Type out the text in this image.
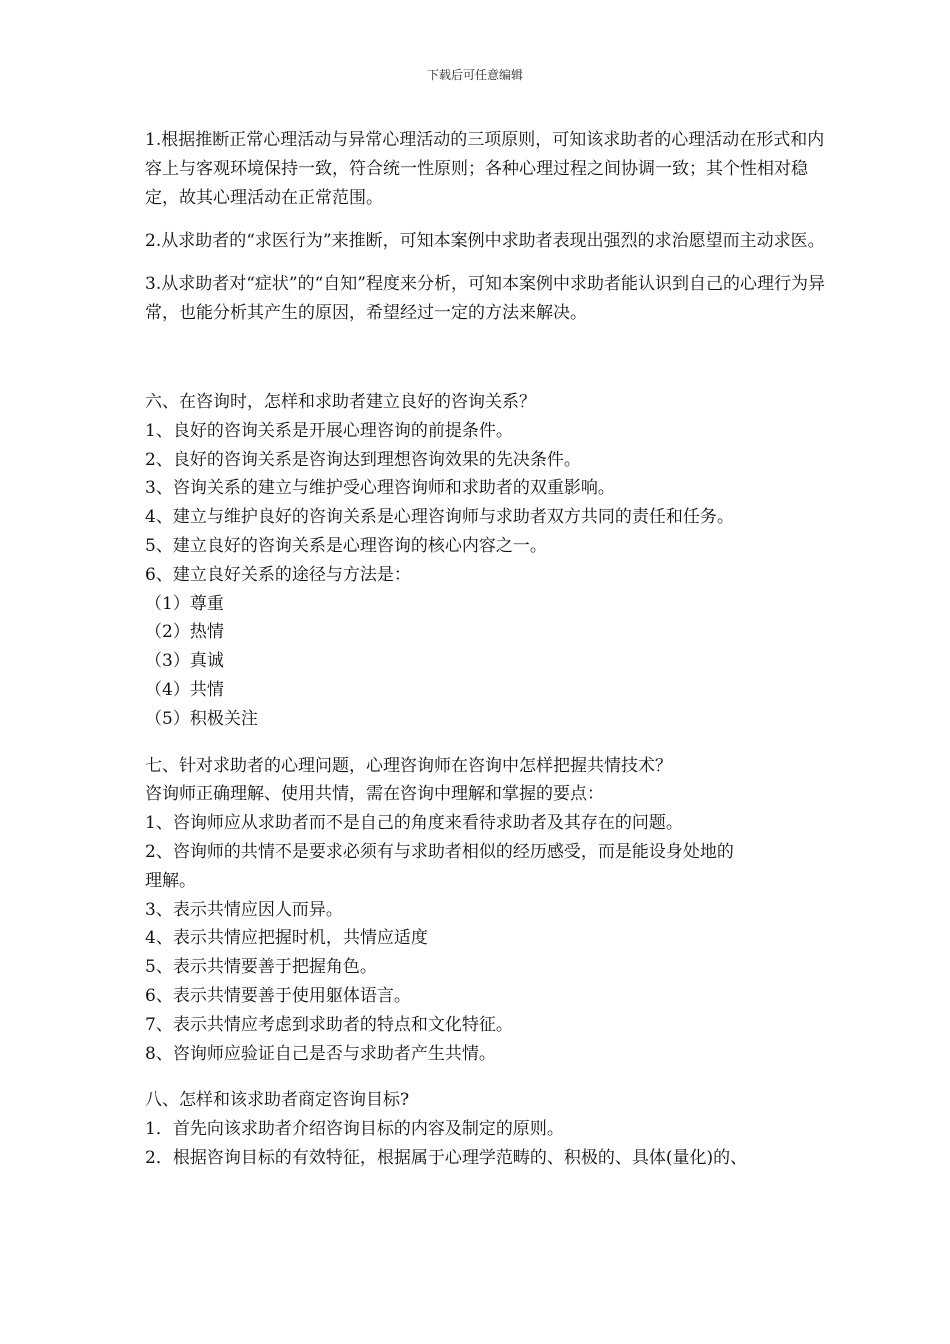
下载后可任意编辑

1.根据推断正常心理活动与异常心理活动的三项原则，可知该求助者的心理活动在形式和内容上与客观环境保持一致，符合统一性原则；各种心理过程之间协调一致；其个性相对稳定，故其心理活动在正常范围。

2.从求助者的“求医行为”来推断，可知本案例中求助者表现出强烈的求治愿望而主动求医。

3.从求助者对“症状”的“自知”程度来分析，可知本案例中求助者能认识到自己的心理行为异常，也能分析其产生的原因，希望经过一定的方法来解决。

六、在咨询时，怎样和求助者建立良好的咨询关系？

1、良好的咨询关系是开展心理咨询的前提条件。

2、良好的咨询关系是咨询达到理想咨询效果的先决条件。

3、咨询关系的建立与维护受心理咨询师和求助者的双重影响。

4、建立与维护良好的咨询关系是心理咨询师与求助者双方共同的责任和任务。

5、建立良好的咨询关系是心理咨询的核心内容之一。

6、建立良好关系的途径与方法是：

（1）尊重

（2）热情

（3）真诚

（4）共情

（5）积极关注

七、针对求助者的心理问题，心理咨询师在咨询中怎样把握共情技术？

咨询师正确理解、使用共情，需在咨询中理解和掌握的要点：

1、咨询师应从求助者而不是自己的角度来看待求助者及其存在的问题。

2、咨询师的共情不是要求必须有与求助者相似的经历感受，而是能设身处地的

理解。

3、表示共情应因人而异。

4、表示共情应把握时机，共情应适度

5、表示共情要善于把握角色。

6、表示共情要善于使用躯体语言。

7、表示共情应考虑到求助者的特点和文化特征。

8、咨询师应验证自己是否与求助者产生共情。

八、怎样和该求助者商定咨询目标?

1．首先向该求助者介绍咨询目标的内容及制定的原则。

2．根据咨询目标的有效特征，根据属于心理学范畴的、积极的、具体(量化)的、
